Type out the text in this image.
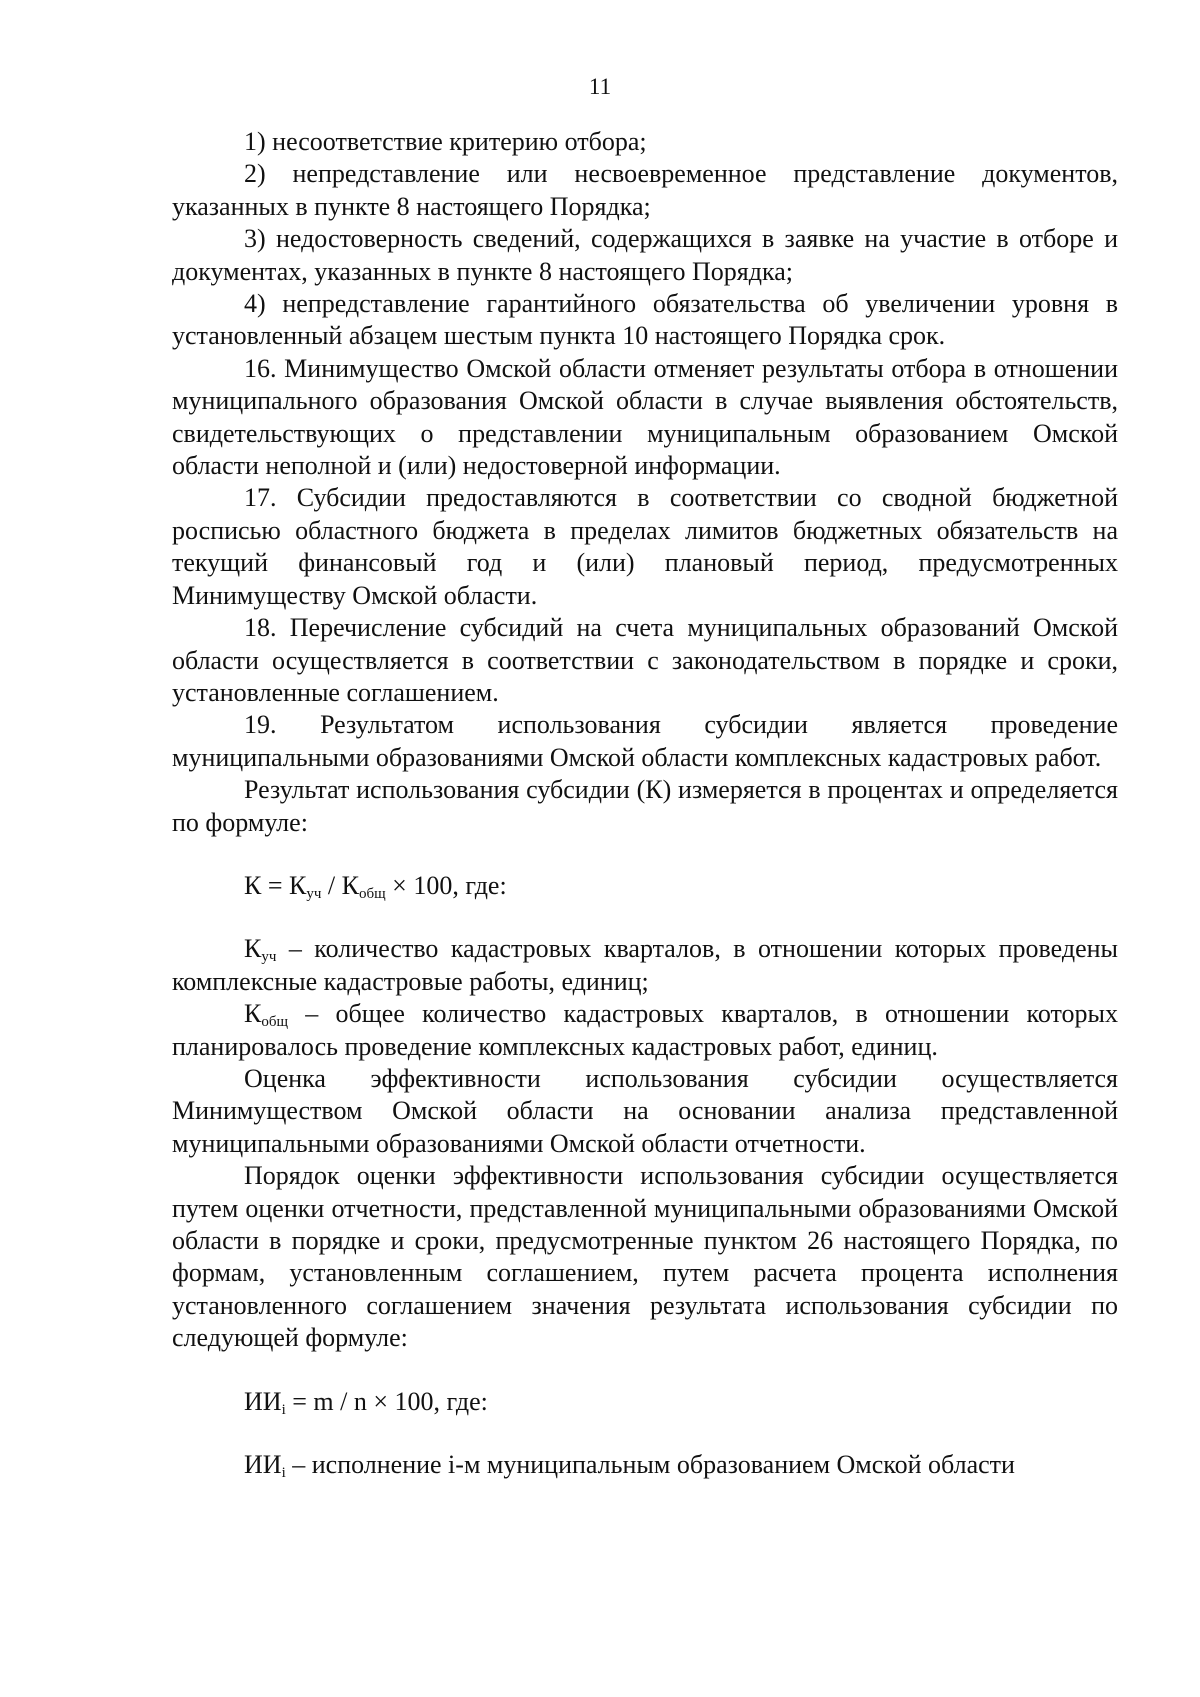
11

1) несоответствие критерию отбора;

2) непредставление или несвоевременное представление документов, указанных в пункте 8 настоящего Порядка;

3) недостоверность сведений, содержащихся в заявке на участие в отборе и документах, указанных в пункте 8 настоящего Порядка;

4) непредставление гарантийного обязательства об увеличении уровня в установленный абзацем шестым пункта 10 настоящего Порядка срок.

16. Минимущество Омской области отменяет результаты отбора в отношении муниципального образования Омской области в случае выявления обстоятельств, свидетельствующих о представлении муниципальным образованием Омской области неполной и (или) недостоверной информации.

17. Субсидии предоставляются в соответствии со сводной бюджетной росписью областного бюджета в пределах лимитов бюджетных обязательств на текущий финансовый год и (или) плановый период, предусмотренных Минимуществу Омской области.

18. Перечисление субсидий на счета муниципальных образований Омской области осуществляется в соответствии с законодательством в порядке и сроки, установленные соглашением.

19. Результатом использования субсидии является проведение муниципальными образованиями Омской области комплексных кадастровых работ.

Результат использования субсидии (К) измеряется в процентах и определяется по формуле:

$К = К_{уч} / К_{общ} \times 100$, где:

$К_{уч}$ – количество кадастровых кварталов, в отношении которых проведены комплексные кадастровые работы, единиц;

$К_{общ}$ – общее количество кадастровых кварталов, в отношении которых планировалось проведение комплексных кадастровых работ, единиц.

Оценка эффективности использования субсидии осуществляется Минимуществом Омской области на основании анализа представленной муниципальными образованиями Омской области отчетности.

Порядок оценки эффективности использования субсидии осуществляется путем оценки отчетности, представленной муниципальными образованиями Омской области в порядке и сроки, предусмотренные пунктом 26 настоящего Порядка, по формам, установленным соглашением, путем расчета процента исполнения установленного соглашением значения результата использования субсидии по следующей формуле:

$ИИ_i = m / n \times 100$, где:

$ИИ_i$ – исполнение i-м муниципальным образованием Омской области
